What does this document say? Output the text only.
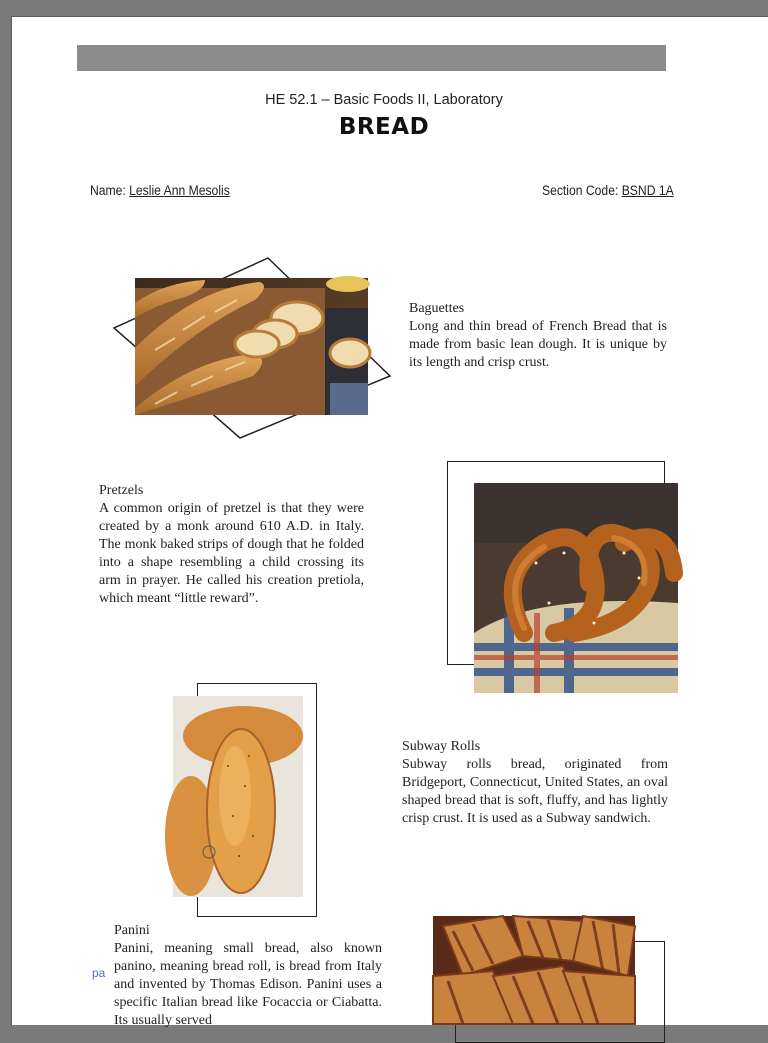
HE 52.1 – Basic Foods II, Laboratory
BREAD
Name: Leslie Ann Mesolis	Section Code: BSND 1A
Baguettes
Long and thin bread of French Bread that is made from basic lean dough. It is unique by its length and crisp crust.
Pretzels
A common origin of pretzel is that they were created by a monk around 610 A.D. in Italy. The monk baked strips of dough that he folded into a shape resembling a child crossing its arm in prayer. He called his creation pretiola, which meant “little reward”.
Subway Rolls
Subway rolls bread, originated from Bridgeport, Connecticut, United States, an oval shaped bread that is soft, fluffy, and has lightly crisp crust. It is used as a Subway sandwich.
Panini
Panini, meaning small bread, also known panino, meaning bread roll, is bread from Italy and invented by Thomas Edison. Panini uses a specific Italian bread like Focaccia or Ciabatta. Its usually served
pa
